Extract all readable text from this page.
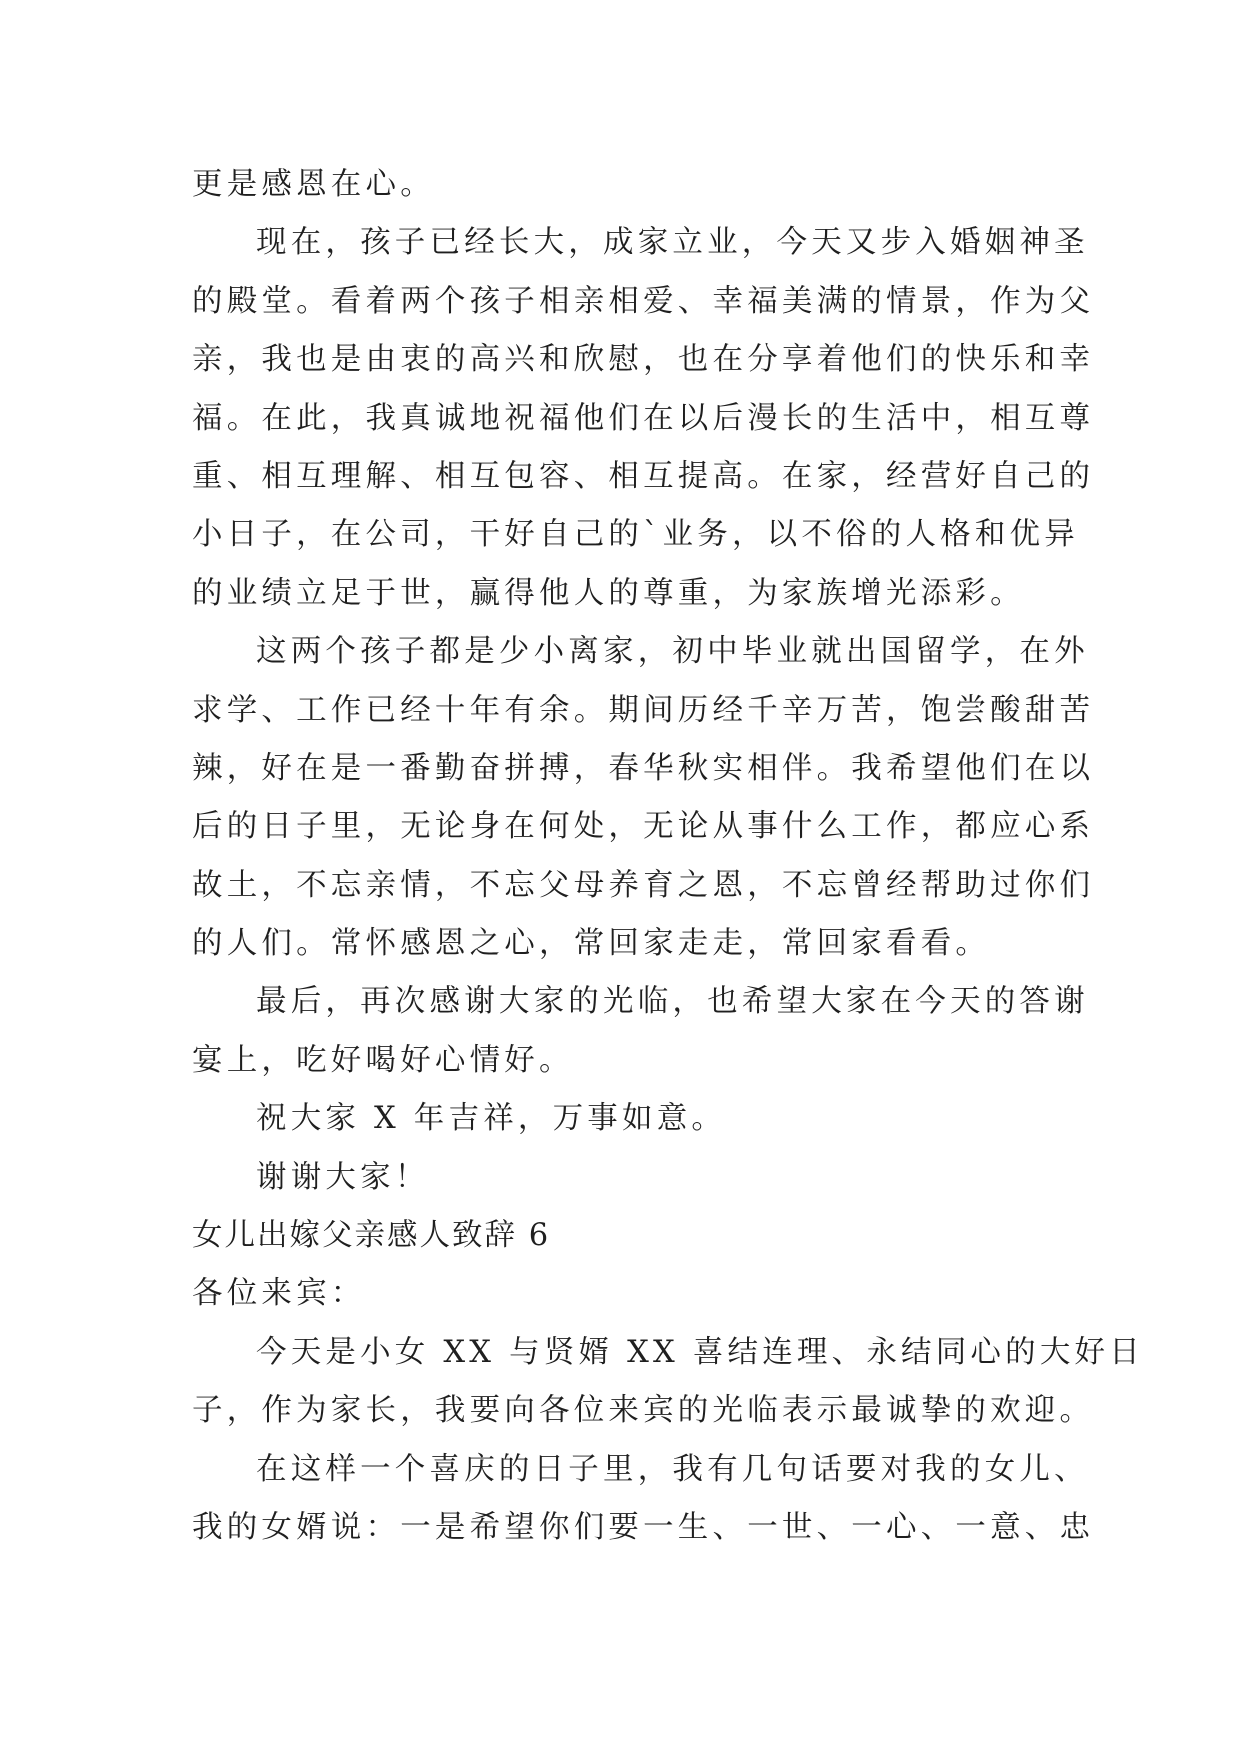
更是感恩在心。
现在，孩子已经长大，成家立业，今天又步入婚姻神圣
的殿堂。看着两个孩子相亲相爱、幸福美满的情景，作为父
亲，我也是由衷的高兴和欣慰，也在分享着他们的快乐和幸
福。在此，我真诚地祝福他们在以后漫长的生活中，相互尊
重、相互理解、相互包容、相互提高。在家，经营好自己的
小日子，在公司，干好自己的`业务，以不俗的人格和优异
的业绩立足于世，赢得他人的尊重，为家族增光添彩。
这两个孩子都是少小离家，初中毕业就出国留学，在外
求学、工作已经十年有余。期间历经千辛万苦，饱尝酸甜苦
辣，好在是一番勤奋拼搏，春华秋实相伴。我希望他们在以
后的日子里，无论身在何处，无论从事什么工作，都应心系
故土，不忘亲情，不忘父母养育之恩，不忘曾经帮助过你们
的人们。常怀感恩之心，常回家走走，常回家看看。
最后，再次感谢大家的光临，也希望大家在今天的答谢
宴上，吃好喝好心情好。
祝大家 X 年吉祥，万事如意。
谢谢大家！
女儿出嫁父亲感人致辞 6
各位来宾：
今天是小女 XX 与贤婿 XX 喜结连理、永结同心的大好日
子，作为家长，我要向各位来宾的光临表示最诚挚的欢迎。
在这样一个喜庆的日子里，我有几句话要对我的女儿、
我的女婿说：一是希望你们要一生、一世、一心、一意、忠
